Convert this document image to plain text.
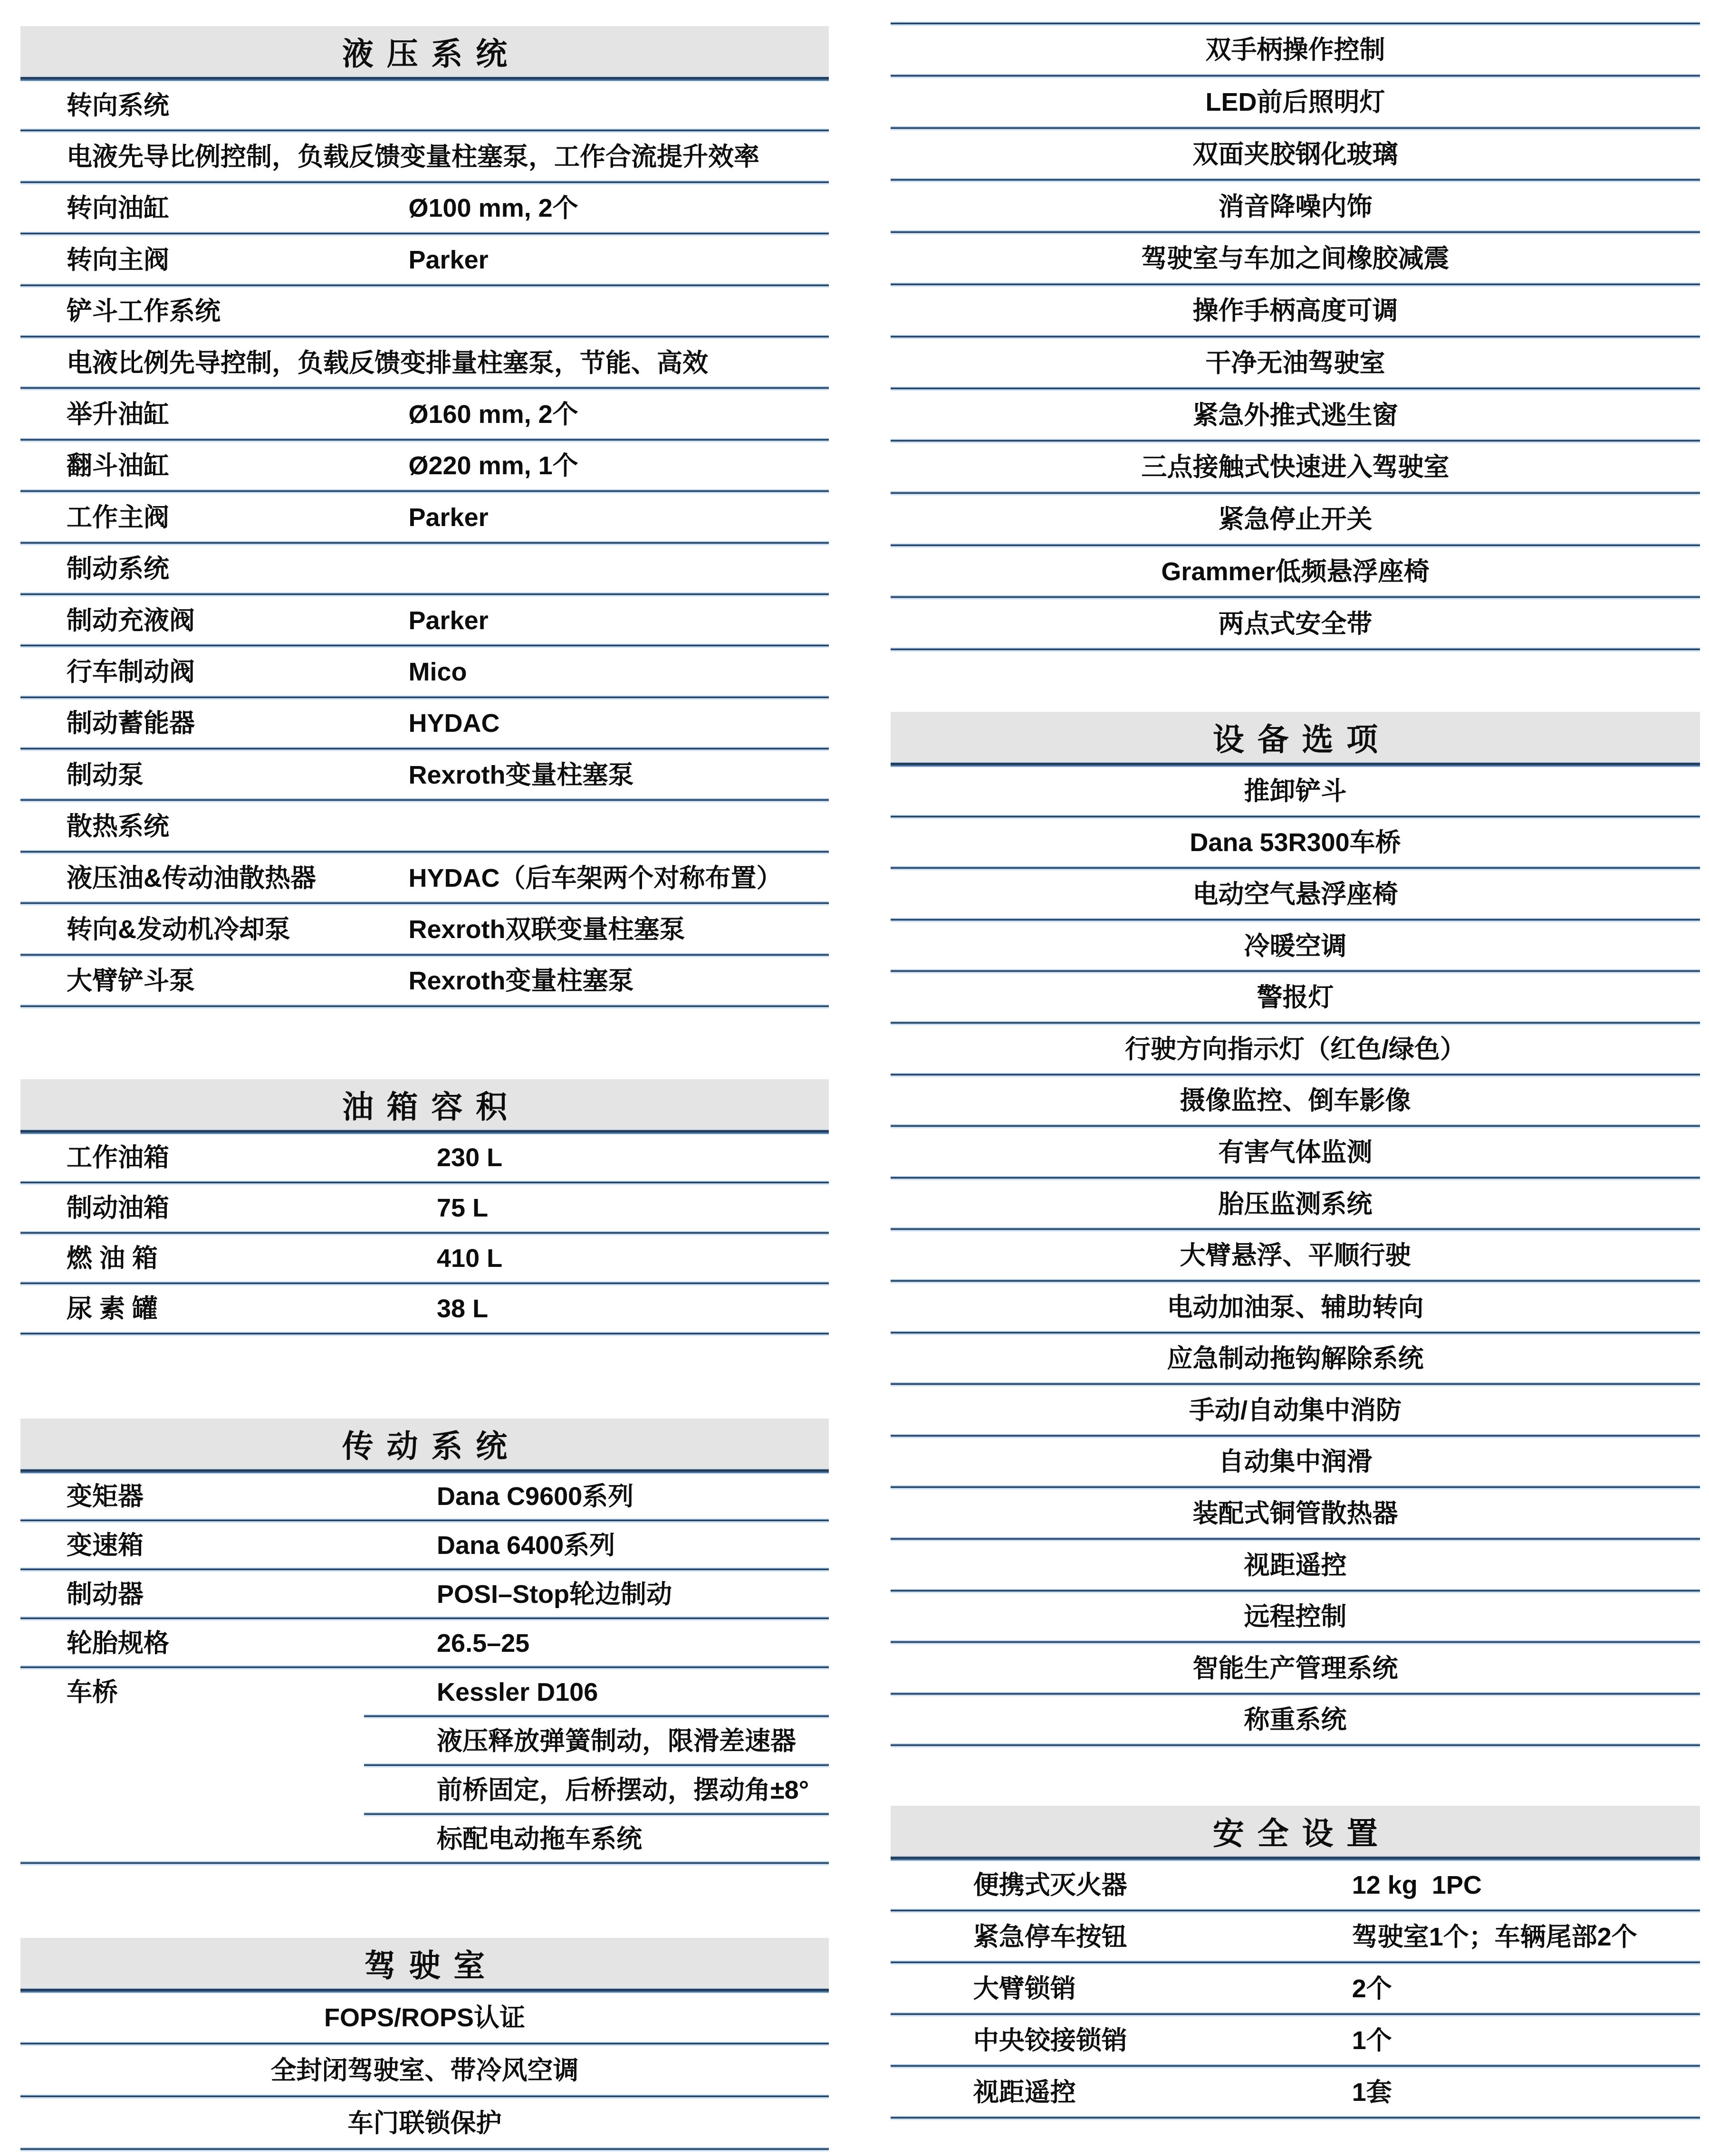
液压系统
转向系统
电液先导比例控制，负载反馈变量柱塞泵，工作合流提升效率
转向油缸	Ø100 mm, 2个
转向主阀	Parker
铲斗工作系统
电液比例先导控制，负载反馈变排量柱塞泵，节能、高效
举升油缸	Ø160 mm, 2个
翻斗油缸	Ø220 mm, 1个
工作主阀	Parker
制动系统
制动充液阀	Parker
行车制动阀	Mico
制动蓄能器	HYDAC
制动泵	Rexroth变量柱塞泵
散热系统
液压油&传动油散热器	HYDAC（后车架两个对称布置）
转向&发动机冷却泵	Rexroth双联变量柱塞泵
大臂铲斗泵	Rexroth变量柱塞泵
油箱容积
工作油箱	230 L
制动油箱	75 L
燃 油 箱	410 L
尿 素 罐	38 L
传动系统
变矩器	Dana C9600系列
变速箱	Dana 6400系列
制动器	POSI–Stop轮边制动
轮胎规格	26.5–25
车桥	Kessler D106
液压释放弹簧制动，限滑差速器
前桥固定，后桥摆动，摆动角±8°
标配电动拖车系统
驾驶室
FOPS/ROPS认证
全封闭驾驶室、带冷风空调
车门联锁保护
双手柄操作控制
LED前后照明灯
双面夹胶钢化玻璃
消音降噪内饰
驾驶室与车加之间橡胶减震
操作手柄高度可调
干净无油驾驶室
紧急外推式逃生窗
三点接触式快速进入驾驶室
紧急停止开关
Grammer低频悬浮座椅
两点式安全带
设备选项
推卸铲斗
Dana 53R300车桥
电动空气悬浮座椅
冷暖空调
警报灯
行驶方向指示灯（红色/绿色）
摄像监控、倒车影像
有害气体监测
胎压监测系统
大臂悬浮、平顺行驶
电动加油泵、辅助转向
应急制动拖钩解除系统
手动/自动集中消防
自动集中润滑
装配式铜管散热器
视距遥控
远程控制
智能生产管理系统
称重系统
安全设置
便携式灭火器	12 kg  1PC
紧急停车按钮	驾驶室1个；车辆尾部2个
大臂锁销	2个
中央铰接锁销	1个
视距遥控	1套
